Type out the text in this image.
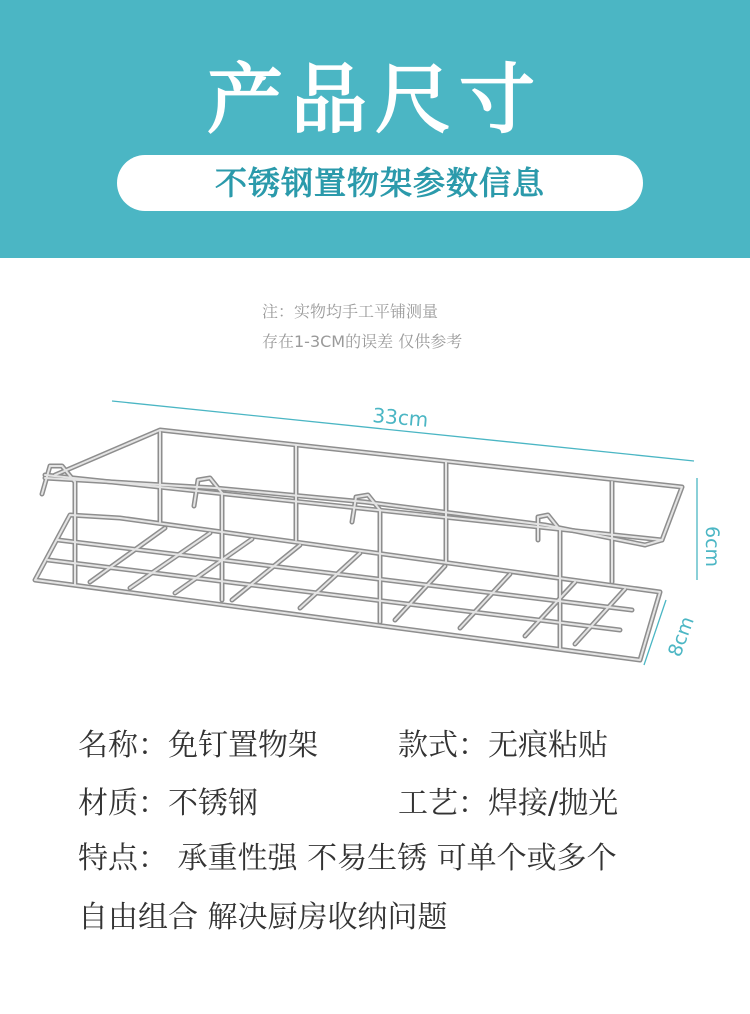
产品尺寸
不锈钢置物架参数信息
注：实物均手工平铺测量
存在1-3CM的误差 仅供参考
33cm
6cm
8cm
名称：免钉置物架	款式：无痕粘贴
材质：不锈钢	工艺：焊接/抛光
特点： 承重性强 不易生锈 可单个或多个
自由组合 解决厨房收纳问题
